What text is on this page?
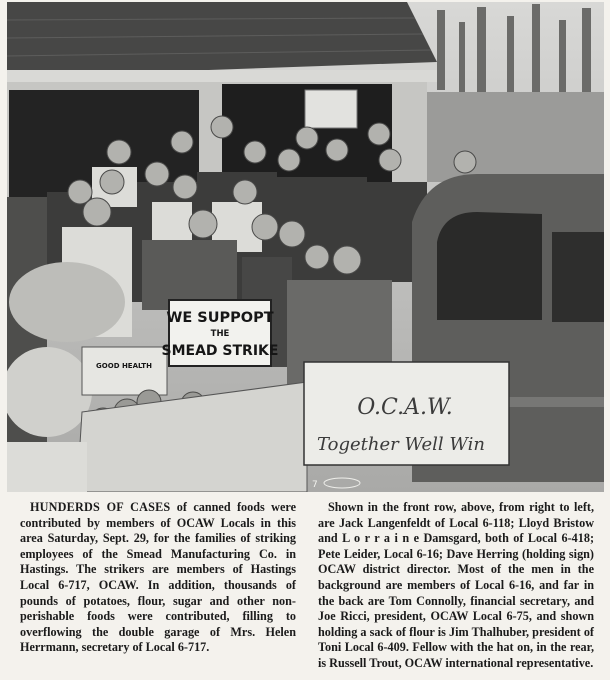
GOOD HEALTH
WE SUPPOPT
THE
SMEAD STRIKE
O.C.A.W.
Together Well Win
7

HUNDERDS OF CASES of canned foods were contributed by members of OCAW Locals in this area Saturday, Sept. 29, for the families of striking employees of the Smead Manufacturing Co. in Hastings. The strikers are members of Hastings Local 6-717, OCAW. In addition, thousands of pounds of potatoes, flour, sugar and other non-perishable foods were contributed, filling to overflowing the double garage of Mrs. Helen Herrmann, secretary of Local 6-717.

Shown in the front row, above, from right to left, are Jack Langenfeldt of Local 6-118; Lloyd Bristow and L o r r a i n e Damsgard, both of Local 6-418; Pete Leider, Local 6-16; Dave Herring (holding sign) OCAW district director. Most of the men in the background are members of Local 6-16, and far in the back are Tom Connolly, financial secretary, and Joe Ricci, president, OCAW Local 6-75, and shown holding a sack of flour is Jim Thalhuber, president of Toni Local 6-409. Fellow with the hat on, in the rear, is Russell Trout, OCAW international representative.
